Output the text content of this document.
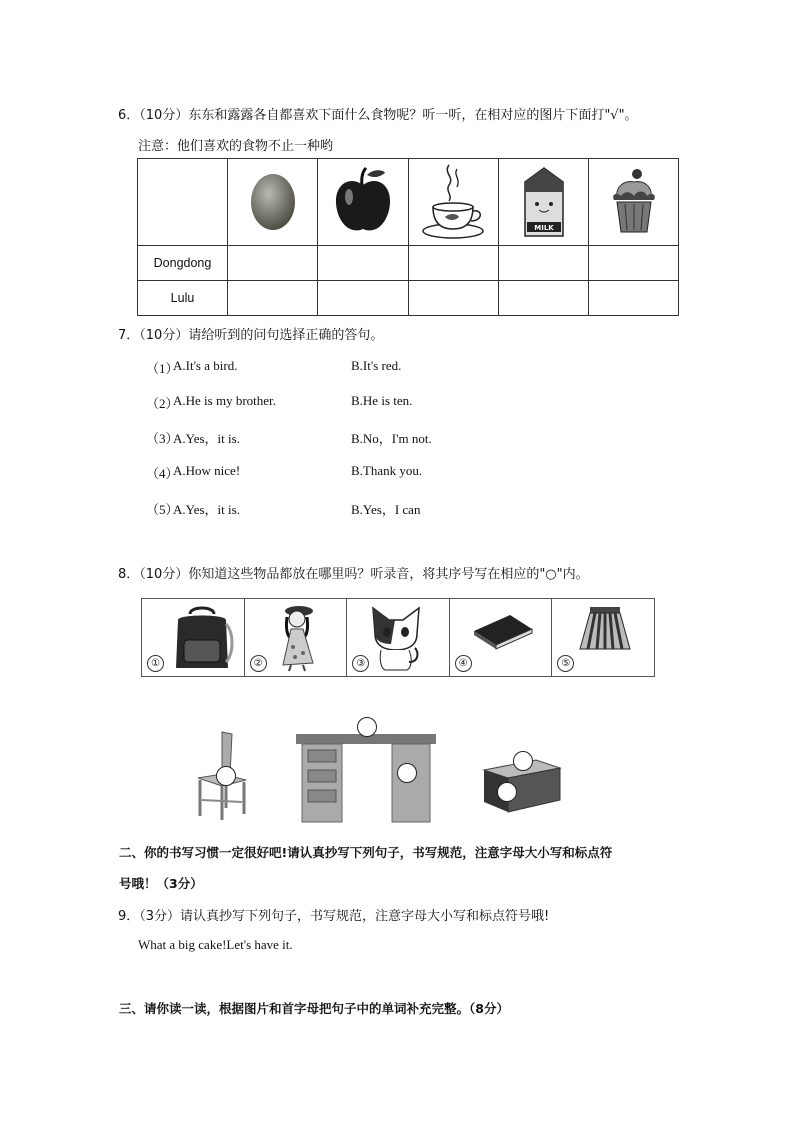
6．（10分）东东和露露各自都喜欢下面什么食物呢？听一听，在相对应的图片下面打"√"。
注意：他们喜欢的食物不止一种哟

MILK

Dongdong					
Lulu					
7．（10分）请给听到的问句选择正确的答句。
（1）
A.It's a bird.	B.It's red.
（2）
A.He is my brother.	B.He is ten.
（3）
A.Yes，it is.	B.No，I'm not.
（4）
A.How nice!	B.Thank you.
（5）
A.Yes，it is.	B.Yes，I can
8．（10分）你知道这些物品都放在哪里吗？听录音，将其序号写在相应的"○"内。
①	②	③	④	⑤
二、你的书写习惯一定很好吧!请认真抄写下列句子，书写规范，注意字母大小写和标点符
号哦！（3分）
9．（3分）请认真抄写下列句子，书写规范，注意字母大小写和标点符号哦!
What a big cake!Let's have it.
三、请你读一读，根据图片和首字母把句子中的单词补充完整。（8分）
